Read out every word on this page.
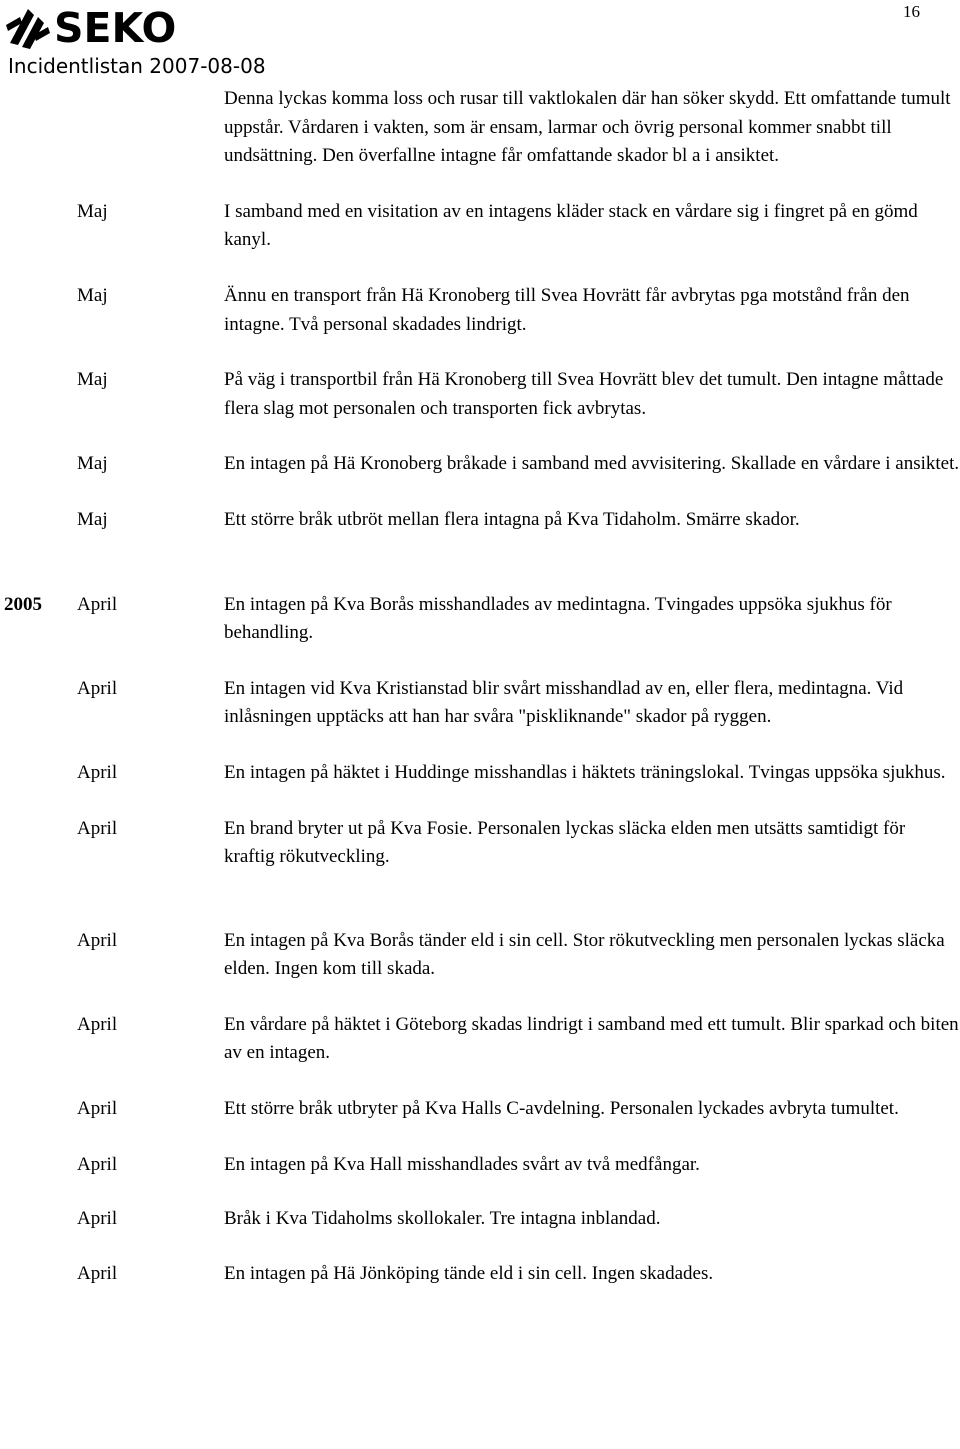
SEKO
Incidentlistan 2007-08-08
16
Denna lyckas komma loss och rusar till vaktlokalen där han söker skydd. Ett omfattande tumult uppstår. Vårdaren i vakten, som är ensam, larmar och övrig personal kommer snabbt till undsättning. Den överfallne intagne får omfattande skador bl a i ansiktet.
Maj	I samband med en visitation av en intagens kläder stack en vårdare sig i fingret på en gömd kanyl.
Maj	Ännu en transport från Hä Kronoberg till Svea Hovrätt får avbrytas pga motstånd från den intagne. Två personal skadades lindrigt.
Maj	På väg i transportbil från Hä Kronoberg till Svea Hovrätt blev det tumult. Den intagne måttade flera slag mot personalen och transporten fick avbrytas.
Maj	En intagen på Hä Kronoberg bråkade i samband med avvisitering. Skallade en vårdare i ansiktet.
Maj	Ett större bråk utbröt mellan flera intagna på Kva Tidaholm. Smärre skador.
2005 April	En intagen på Kva Borås misshandlades av medintagna. Tvingades uppsöka sjukhus för behandling.
April	En intagen vid Kva Kristianstad blir svårt misshandlad av en, eller flera, medintagna. Vid inlåsningen upptäcks att han har svåra "piskliknande" skador på ryggen.
April	En intagen på häktet i Huddinge misshandlas i häktets träningslokal. Tvingas uppsöka sjukhus.
April	En brand bryter ut på Kva Fosie. Personalen lyckas släcka elden men utsätts samtidigt för kraftig rökutveckling.
April	En intagen på Kva Borås tänder eld i sin cell. Stor rökutveckling men personalen lyckas släcka elden. Ingen kom till skada.
April	En vårdare på häktet i Göteborg skadas lindrigt i samband med ett tumult. Blir sparkad och biten av en intagen.
April	Ett större bråk utbryter på Kva Halls C-avdelning. Personalen lyckades avbryta tumultet.
April	En intagen på Kva Hall misshandlades svårt av två medfångar.
April	Bråk i Kva Tidaholms skollokaler. Tre intagna inblandad.
April	En intagen på Hä Jönköping tände eld i sin cell. Ingen skadades.
